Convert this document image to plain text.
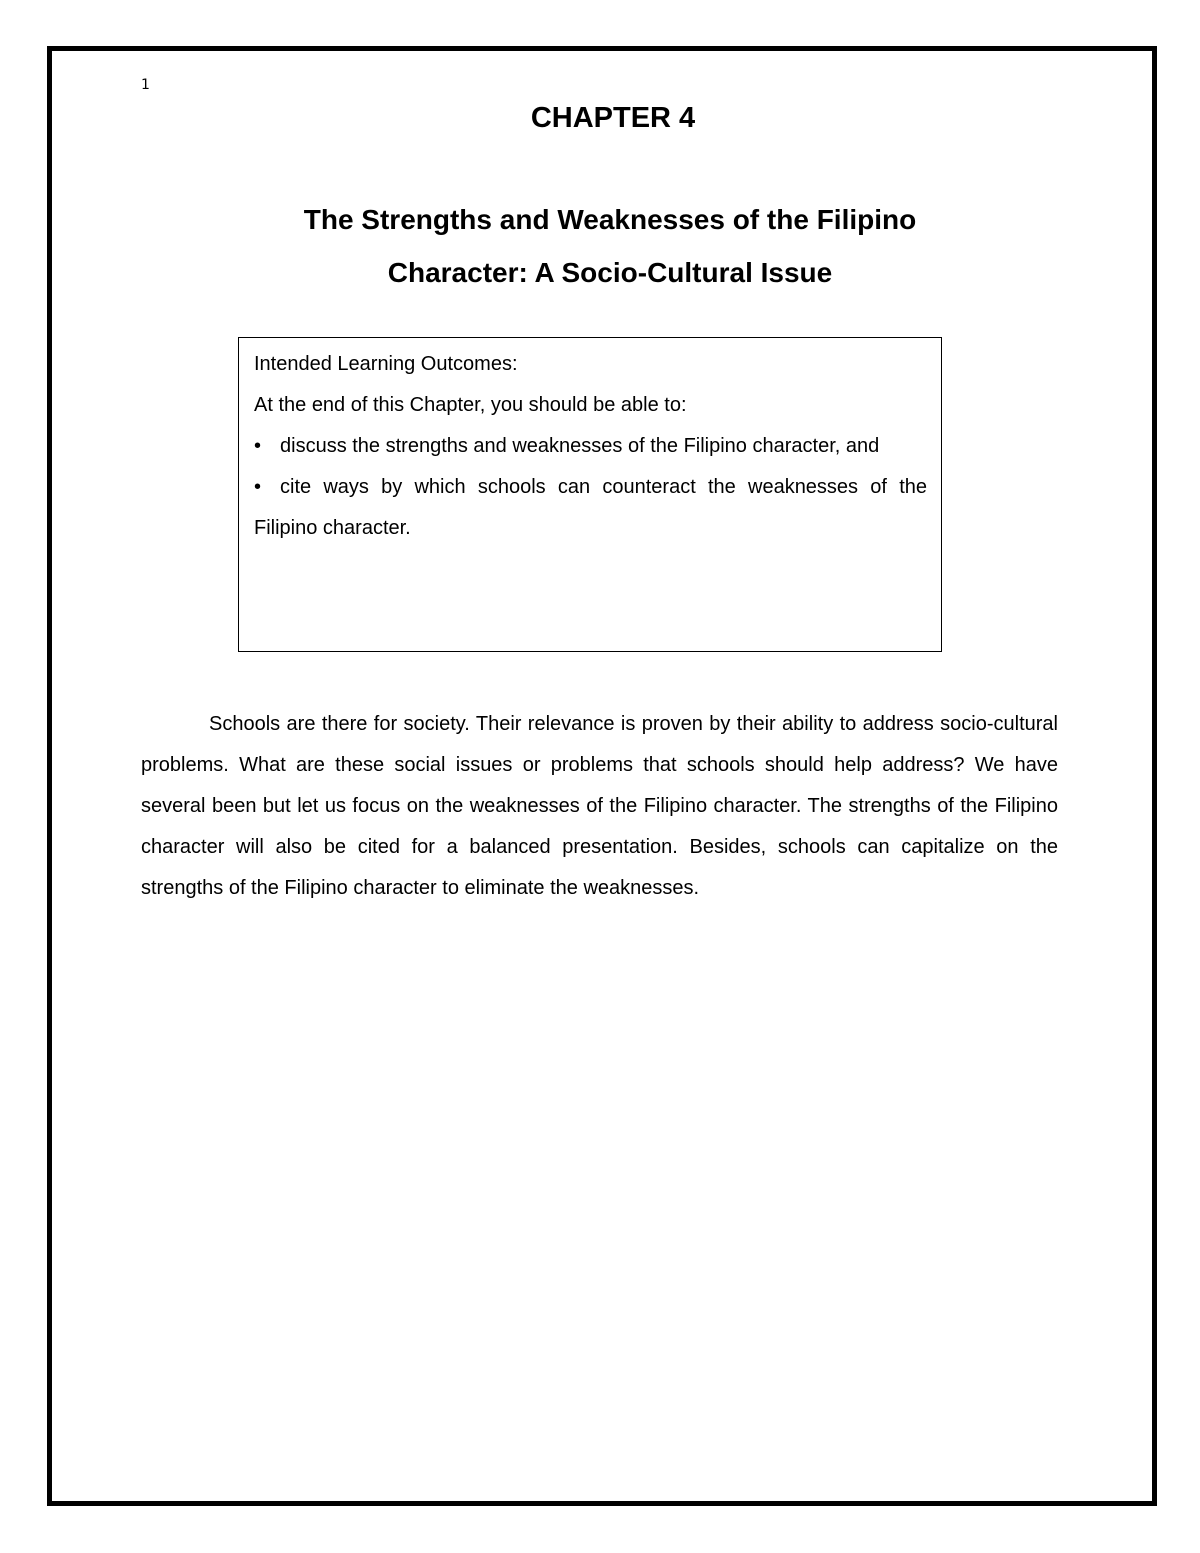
1
CHAPTER 4
The Strengths and Weaknesses of the Filipino
Character: A Socio-Cultural Issue
Intended Learning Outcomes:
At the end of this Chapter, you should be able to:
• discuss the strengths and weaknesses of the Filipino character, and
• cite ways by which schools can counteract the weaknesses of the Filipino character.

Schools are there for society. Their relevance is proven by their ability to address socio-cultural problems. What are these social issues or problems that schools should help address? We have several been but let us focus on the weaknesses of the Filipino character. The strengths of the Filipino character will also be cited for a balanced presentation. Besides, schools can capitalize on the strengths of the Filipino character to eliminate the weaknesses.
